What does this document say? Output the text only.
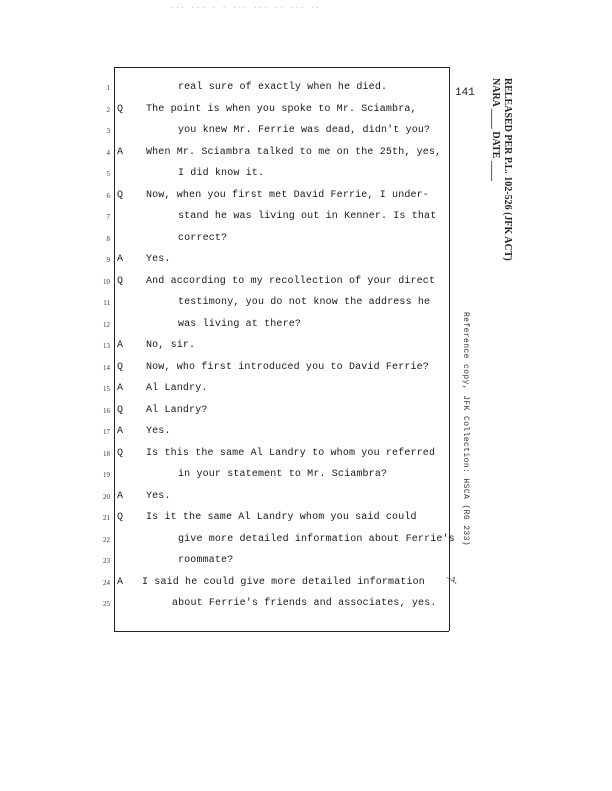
... ... . . ... ... .. ... ..
141
1	real sure of exactly when he died.
2 Q The point is when you spoke to Mr. Sciambra,
3	you knew Mr. Ferrie was dead, didn't you?
4 A When Mr. Sciambra talked to me on the 25th, yes,
5	I did know it.
6 Q Now, when you first met David Ferrie, I under-
7	stand he was living out in Kenner. Is that
8	correct?
9 A Yes.
10 Q And according to my recollection of your direct
11	testimony, you do not know the address he
12	was living at there?
13 A No, sir.
14 Q Now, who first introduced you to David Ferrie?
15 A Al Landry.
16 Q Al Landry?
17 A Yes.
18 Q Is this the same Al Landry to whom you referred
19	in your statement to Mr. Sciambra?
20 A Yes.
21 Q Is it the same Al Landry whom you said could
22	give more detailed information about Ferrie's
23	roommate?
24 A I said he could give more detailed information
25	about Ferrie's friends and associates, yes.
RELEASED PER P.L. 102-526 (JFK ACT)
NARA ____ DATE ____
Reference copy, JFK Collection: HSCA (RG 233)
~4,
